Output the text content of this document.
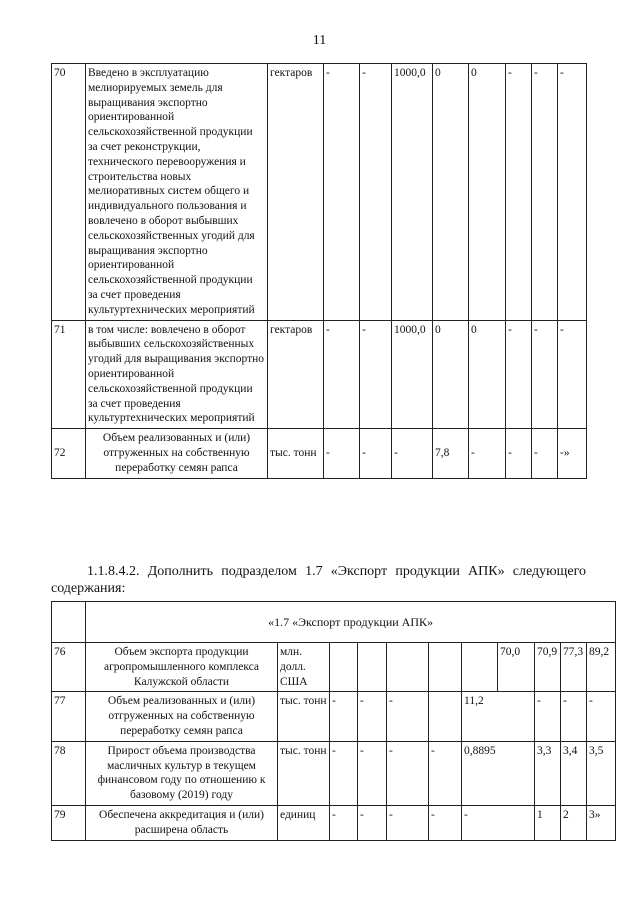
11
70	Введено в эксплуатацию мелиорируемых земель для выращивания экспортно ориентированной сельскохозяйственной продукции за счет реконструкции, технического перевооружения и строительства новых мелиоративных систем общего и индивидуального пользования и вовлечено в оборот выбывших сельскохозяйственных угодий для выращивания экспортно ориентированной сельскохозяйственной продукции за счет проведения культуртехнических мероприятий	гектаров	-	-	1000,0	0	0	-	-	-
71	в том числе: вовлечено в оборот выбывших сельскохозяйственных угодий для выращивания экспортно ориентированной сельскохозяйственной продукции за счет проведения культуртехнических мероприятий	гектаров	-	-	1000,0	0	0	-	-	-
72	Объем реализованных и (или) отгруженных на собственную переработку семян рапса	тыс. тонн	-	-	-	7,8	-	-	-	-»
1.1.8.4.2. Дополнить подразделом 1.7 «Экспорт продукции АПК» следующего содержания:
	«1.7 «Экспорт продукции АПК»										
76	Объем экспорта продукции агропромышленного комплекса Калужской области	млн. долл. США						70,0	70,9	77,3	89,2
77	Объем реализованных и (или) отгруженных на собственную переработку семян рапса	тыс. тонн	-	-	-		11,2		-	-	-
78	Прирост объема производства масличных культур в текущем финансовом году по отношению к базовому (2019) году	тыс. тонн	-	-	-	-	0,8895		3,3	3,4	3,5
79	Обеспечена аккредитация и (или) расширена область	единиц	-	-	-	-	-		1	2	3»
